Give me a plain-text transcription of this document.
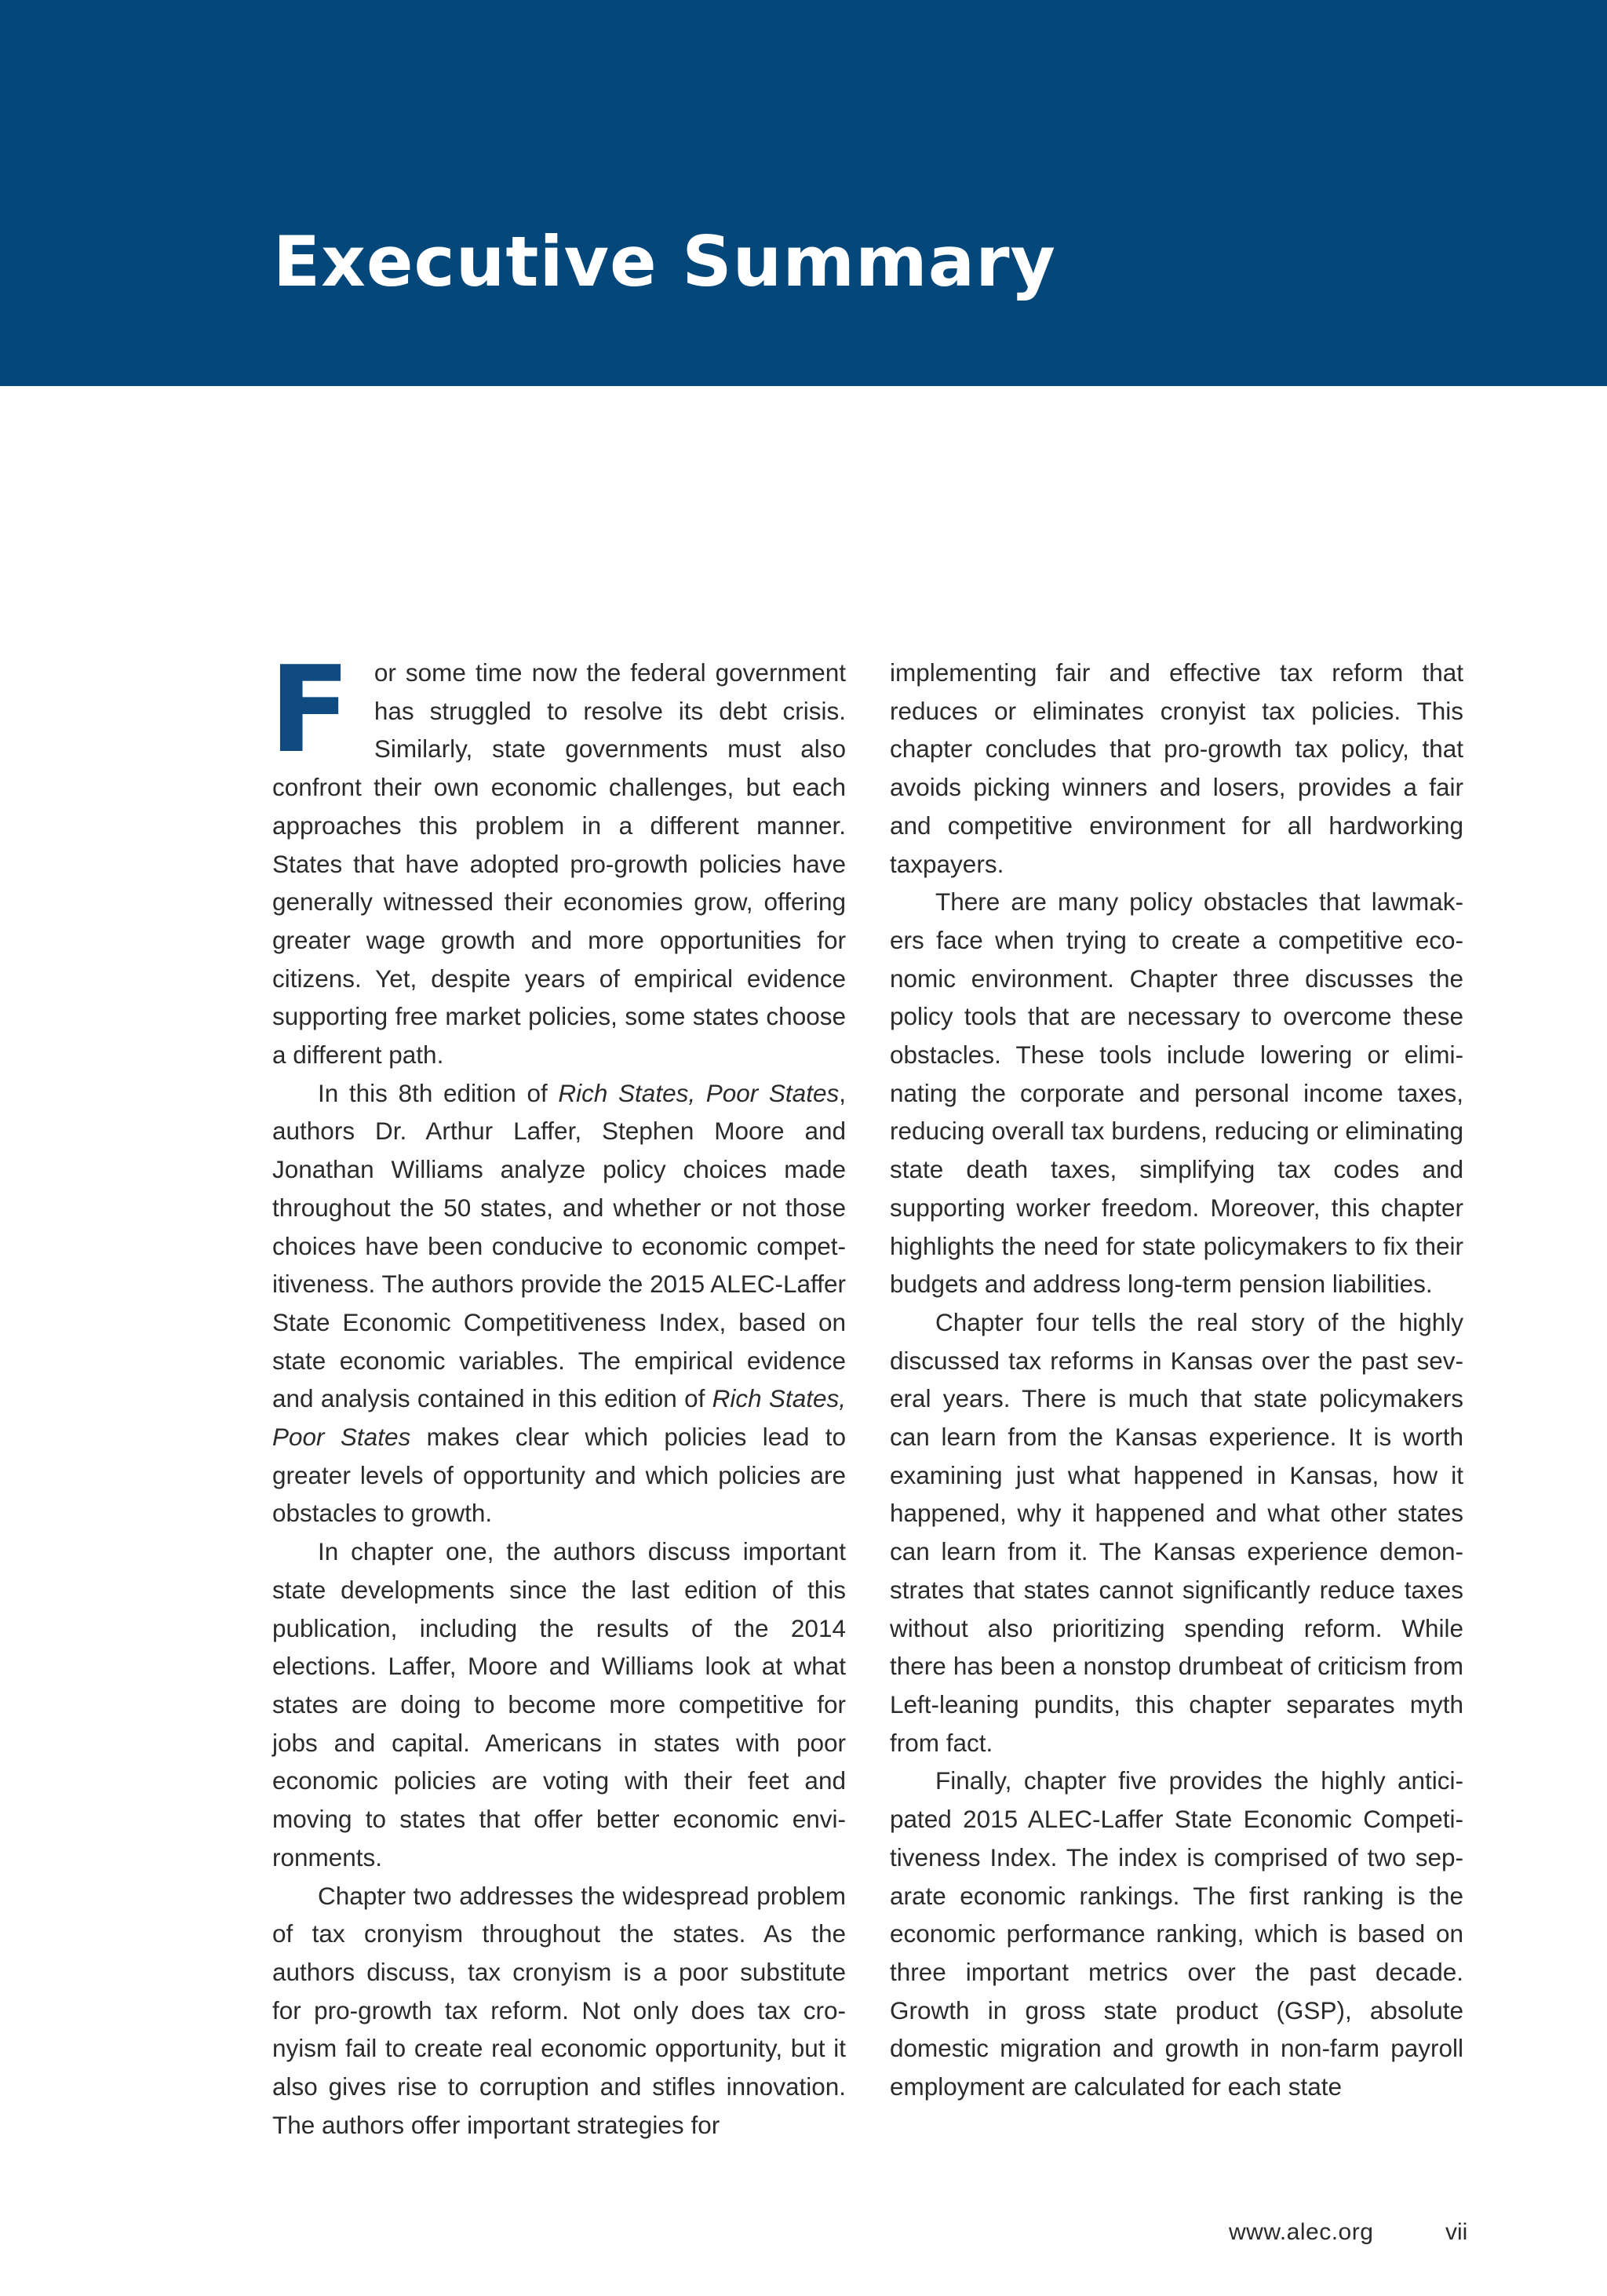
Executive Summary

For some time now the federal government has struggled to resolve its debt crisis. Similarly, state governments must also confront their own economic challenges, but each approaches this problem in a different manner. States that have adopted pro-growth policies have generally witnessed their economies grow, offering greater wage growth and more opportunities for citizens. Yet, despite years of empirical evidence supporting free market policies, some states choose a different path.

In this 8th edition of Rich States, Poor States, authors Dr. Arthur Laffer, Stephen Moore and Jonathan Williams analyze policy choices made throughout the 50 states, and whether or not those choices have been conducive to economic competitiveness. The authors provide the 2015 ALEC-Laffer State Economic Competitiveness Index, based on state economic variables. The empirical evidence and analysis contained in this edition of Rich States, Poor States makes clear which policies lead to greater levels of opportunity and which policies are obstacles to growth.

In chapter one, the authors discuss important state developments since the last edition of this publication, including the results of the 2014 elections. Laffer, Moore and Williams look at what states are doing to become more competitive for jobs and capital. Americans in states with poor economic policies are voting with their feet and moving to states that offer better economic environments.

Chapter two addresses the widespread problem of tax cronyism throughout the states. As the authors discuss, tax cronyism is a poor substitute for pro-growth tax reform. Not only does tax cronyism fail to create real economic opportunity, but it also gives rise to corruption and stifles innovation. The authors offer important strategies for

implementing fair and effective tax reform that reduces or eliminates cronyist tax policies. This chapter concludes that pro-growth tax policy, that avoids picking winners and losers, provides a fair and competitive environment for all hardworking taxpayers.

There are many policy obstacles that lawmakers face when trying to create a competitive economic environment. Chapter three discusses the policy tools that are necessary to overcome these obstacles. These tools include lowering or eliminating the corporate and personal income taxes, reducing overall tax burdens, reducing or eliminating state death taxes, simplifying tax codes and supporting worker freedom. Moreover, this chapter highlights the need for state policymakers to fix their budgets and address long-term pension liabilities.

Chapter four tells the real story of the highly discussed tax reforms in Kansas over the past several years. There is much that state policymakers can learn from the Kansas experience. It is worth examining just what happened in Kansas, how it happened, why it happened and what other states can learn from it. The Kansas experience demonstrates that states cannot significantly reduce taxes without also prioritizing spending reform. While there has been a nonstop drumbeat of criticism from Left-leaning pundits, this chapter separates myth from fact.

Finally, chapter five provides the highly anticipated 2015 ALEC-Laffer State Economic Competitiveness Index. The index is comprised of two separate economic rankings. The first ranking is the economic performance ranking, which is based on three important metrics over the past decade. Growth in gross state product (GSP), absolute domestic migration and growth in non-farm payroll employment are calculated for each state

www.alec.org	vii
